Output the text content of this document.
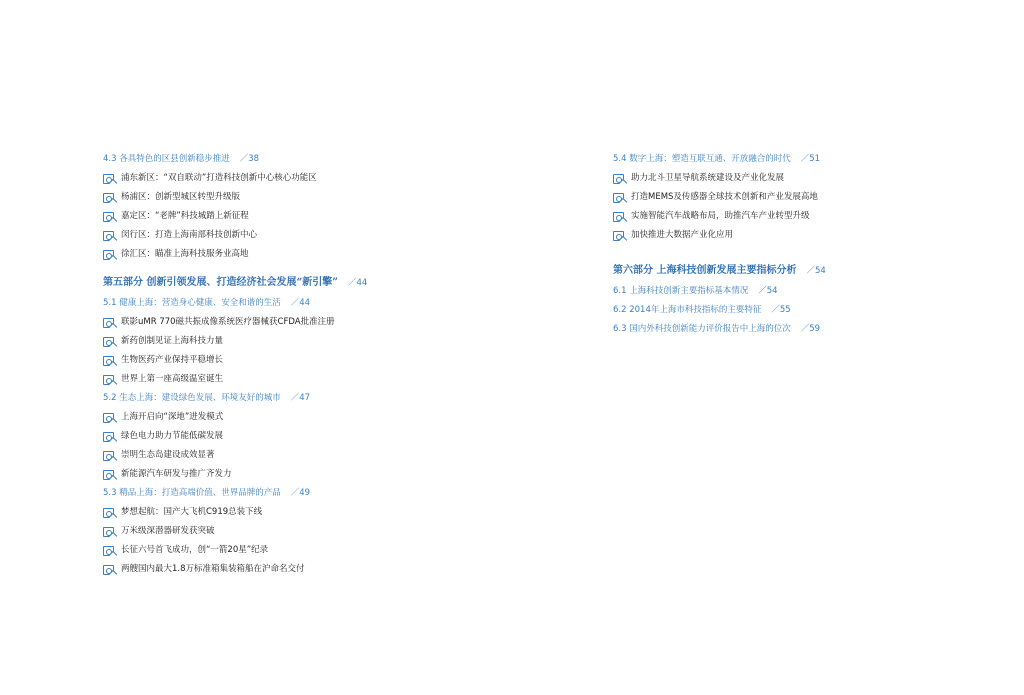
4.3 各具特色的区县创新稳步推进 ／38
浦东新区：“双自联动”打造科技创新中心核心功能区
杨浦区：创新型城区转型升级版
嘉定区：“老牌”科技城踏上新征程
闵行区：打造上海南部科技创新中心
徐汇区：瞄准上海科技服务业高地
第五部分 创新引领发展、打造经济社会发展“新引擎” ／44
5.1 健康上海：营造身心健康、安全和谐的生活 ／44
联影uMR 770磁共振成像系统医疗器械获CFDA批准注册
新药创制见证上海科技力量
生物医药产业保持平稳增长
世界上第一座高级温室诞生
5.2 生态上海：建设绿色发展、环境友好的城市 ／47
上海开启向“深地”进发模式
绿色电力助力节能低碳发展
崇明生态岛建设成效显著
新能源汽车研发与推广齐发力
5.3 精品上海：打造高端价值、世界品牌的产品 ／49
梦想起航：国产大飞机C919总装下线
万米级深潜器研发获突破
长征六号首飞成功，创“一箭20星”纪录
两艘国内最大1.8万标准箱集装箱船在沪命名交付
5.4 数字上海：塑造互联互通、开放融合的时代 ／51
助力北斗卫星导航系统建设及产业化发展
打造MEMS及传感器全球技术创新和产业发展高地
实施智能汽车战略布局，助推汽车产业转型升级
加快推进大数据产业化应用
第六部分 上海科技创新发展主要指标分析 ／54
6.1 上海科技创新主要指标基本情况 ／54
6.2 2014年上海市科技指标的主要特征 ／55
6.3 国内外科技创新能力评价报告中上海的位次 ／59
